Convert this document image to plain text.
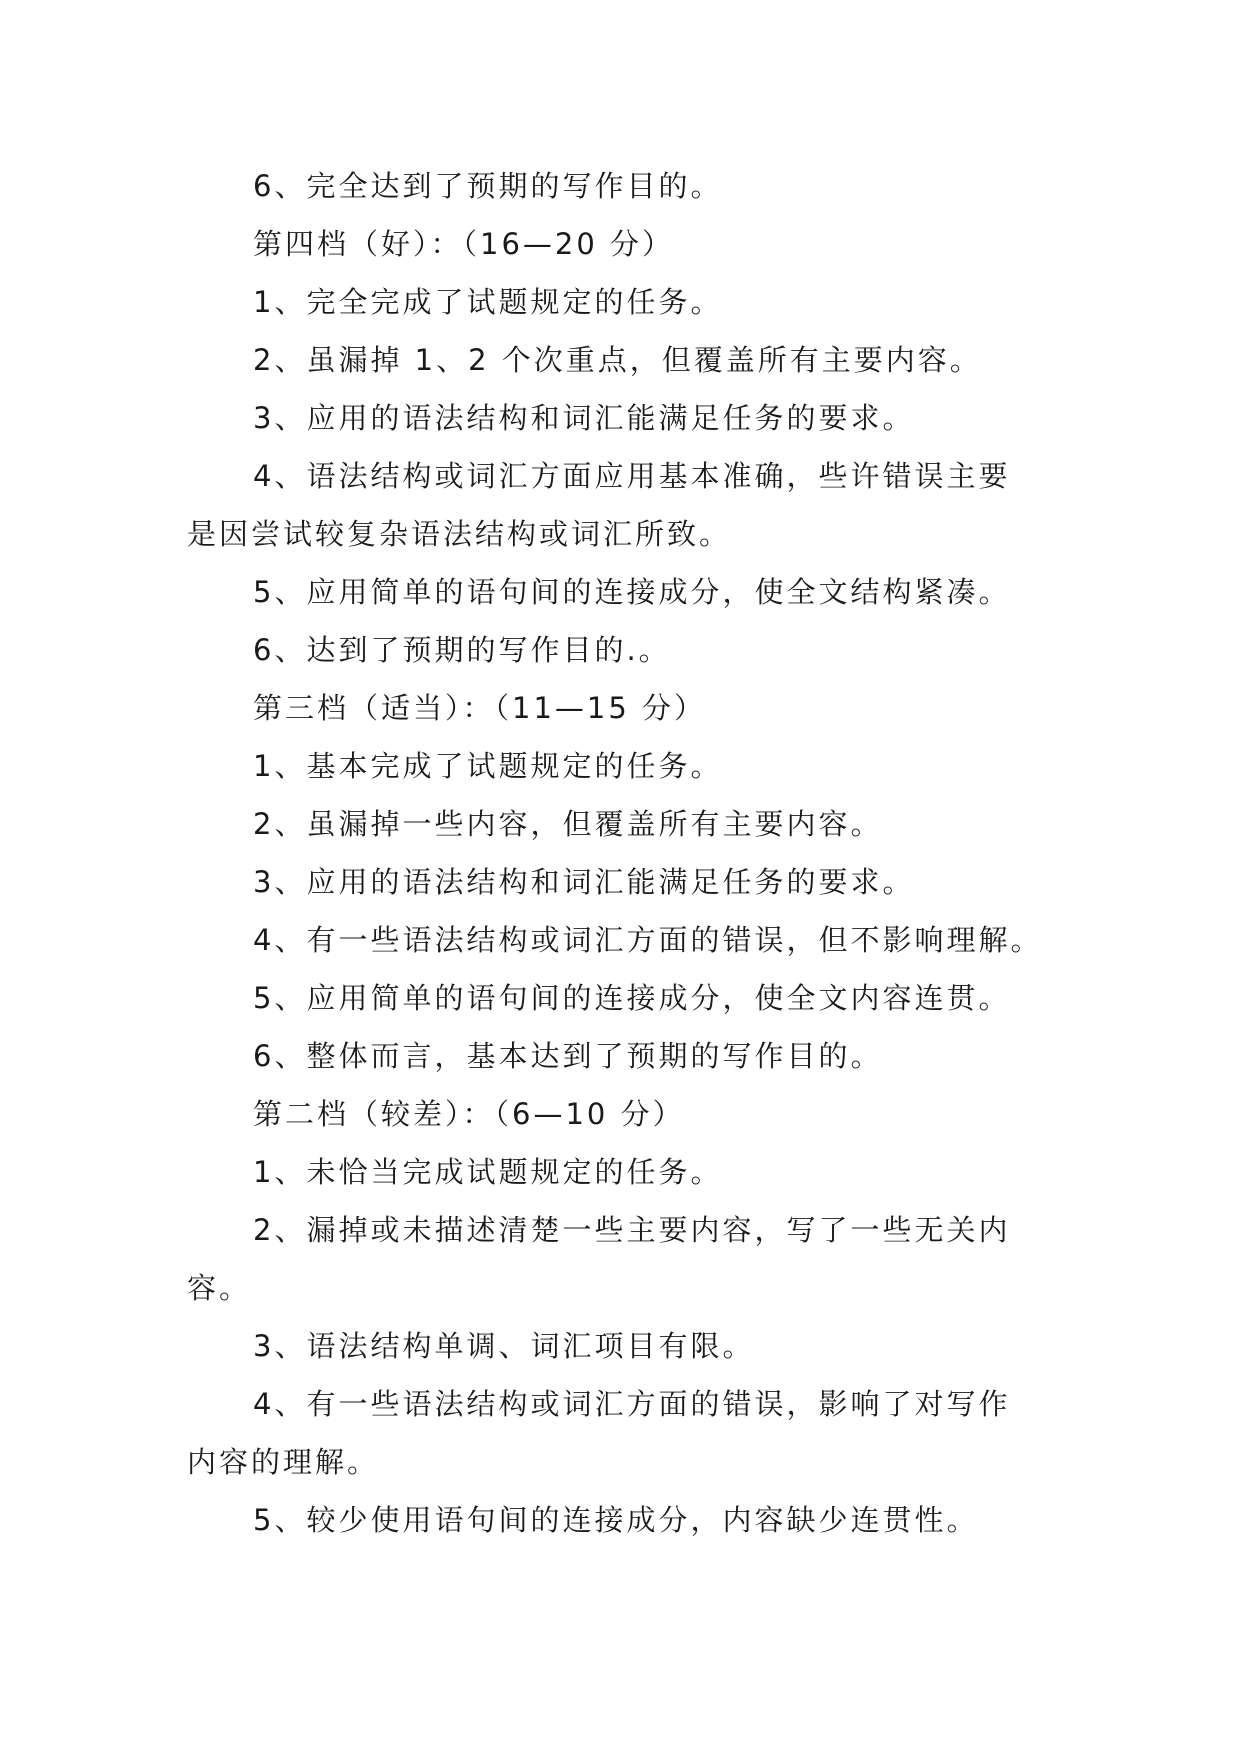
6、完全达到了预期的写作目的。
第四档（好）：（16—20 分）
1、完全完成了试题规定的任务。
2、虽漏掉 1、2 个次重点，但覆盖所有主要内容。
3、应用的语法结构和词汇能满足任务的要求。
4、语法结构或词汇方面应用基本准确，些许错误主要
是因尝试较复杂语法结构或词汇所致。
5、应用简单的语句间的连接成分，使全文结构紧凑。
6、达到了预期的写作目的.。
第三档（适当）：（11—15 分）
1、基本完成了试题规定的任务。
2、虽漏掉一些内容，但覆盖所有主要内容。
3、应用的语法结构和词汇能满足任务的要求。
4、有一些语法结构或词汇方面的错误，但不影响理解。
5、应用简单的语句间的连接成分，使全文内容连贯。
6、整体而言，基本达到了预期的写作目的。
第二档（较差）：（6—10 分）
1、未恰当完成试题规定的任务。
2、漏掉或未描述清楚一些主要内容，写了一些无关内
容。
3、语法结构单调、词汇项目有限。
4、有一些语法结构或词汇方面的错误，影响了对写作
内容的理解。
5、较少使用语句间的连接成分，内容缺少连贯性。
